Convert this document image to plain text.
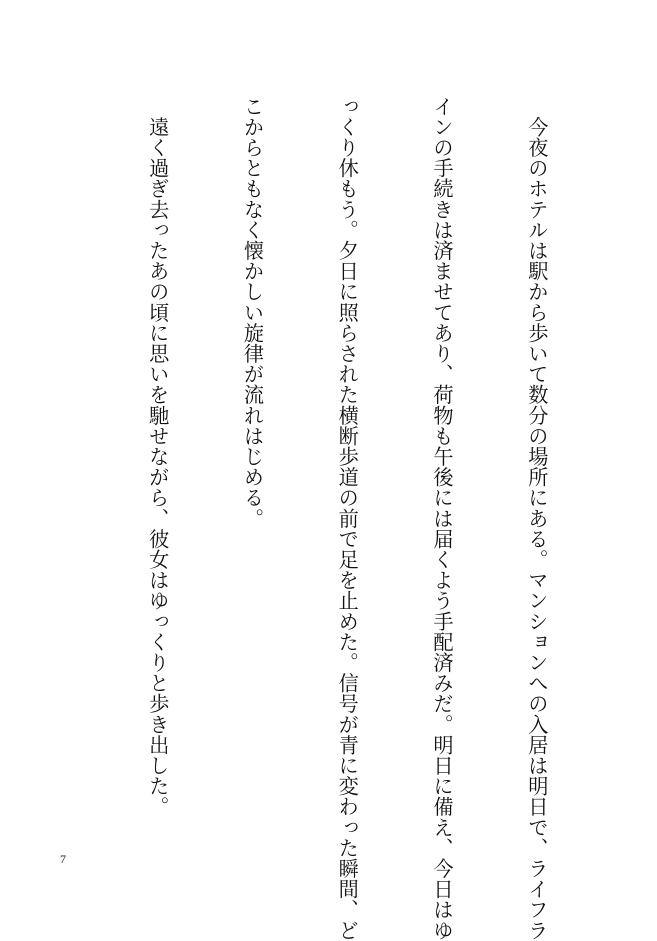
　今夜のホテルは駅から歩いて数分の場所にある。マンションへの入居は明日で、ライフラ

インの手続きは済ませてあり、荷物も午後には届くよう手配済みだ。明日に備え、今日はゆ

っくり休もう。夕日に照らされた横断歩道の前で足を止めた。信号が青に変わった瞬間、ど

こからともなく懐かしい旋律が流れはじめる。

　遠く過ぎ去ったあの頃に思いを馳せながら、彼女はゆっくりと歩き出した。

7
